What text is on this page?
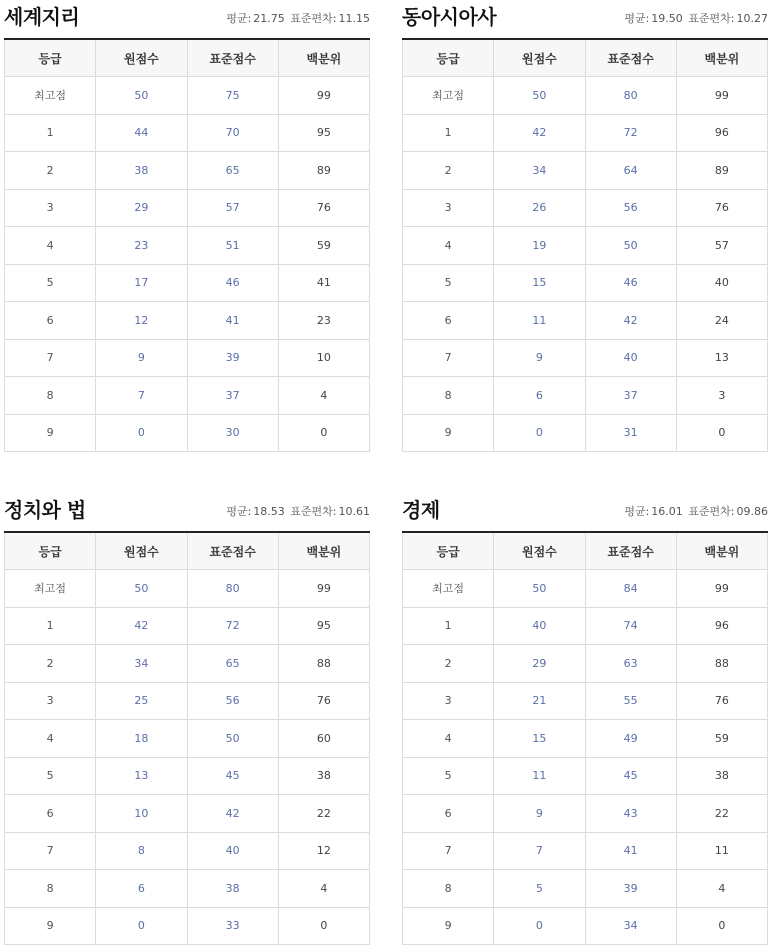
세계지리	평균: 21.75 표준편차: 11.15
등급	원점수	표준점수	백분위
최고점	50	75	99
1	44	70	95
2	38	65	89
3	29	57	76
4	23	51	59
5	17	46	41
6	12	41	23
7	9	39	10
8	7	37	4
9	0	30	0
동아시아사	평균: 19.50 표준편차: 10.27
등급	원점수	표준점수	백분위
최고점	50	80	99
1	42	72	96
2	34	64	89
3	26	56	76
4	19	50	57
5	15	46	40
6	11	42	24
7	9	40	13
8	6	37	3
9	0	31	0
정치와 법	평균: 18.53 표준편차: 10.61
등급	원점수	표준점수	백분위
최고점	50	80	99
1	42	72	95
2	34	65	88
3	25	56	76
4	18	50	60
5	13	45	38
6	10	42	22
7	8	40	12
8	6	38	4
9	0	33	0
경제	평균: 16.01 표준편차: 09.86
등급	원점수	표준점수	백분위
최고점	50	84	99
1	40	74	96
2	29	63	88
3	21	55	76
4	15	49	59
5	11	45	38
6	9	43	22
7	7	41	11
8	5	39	4
9	0	34	0
